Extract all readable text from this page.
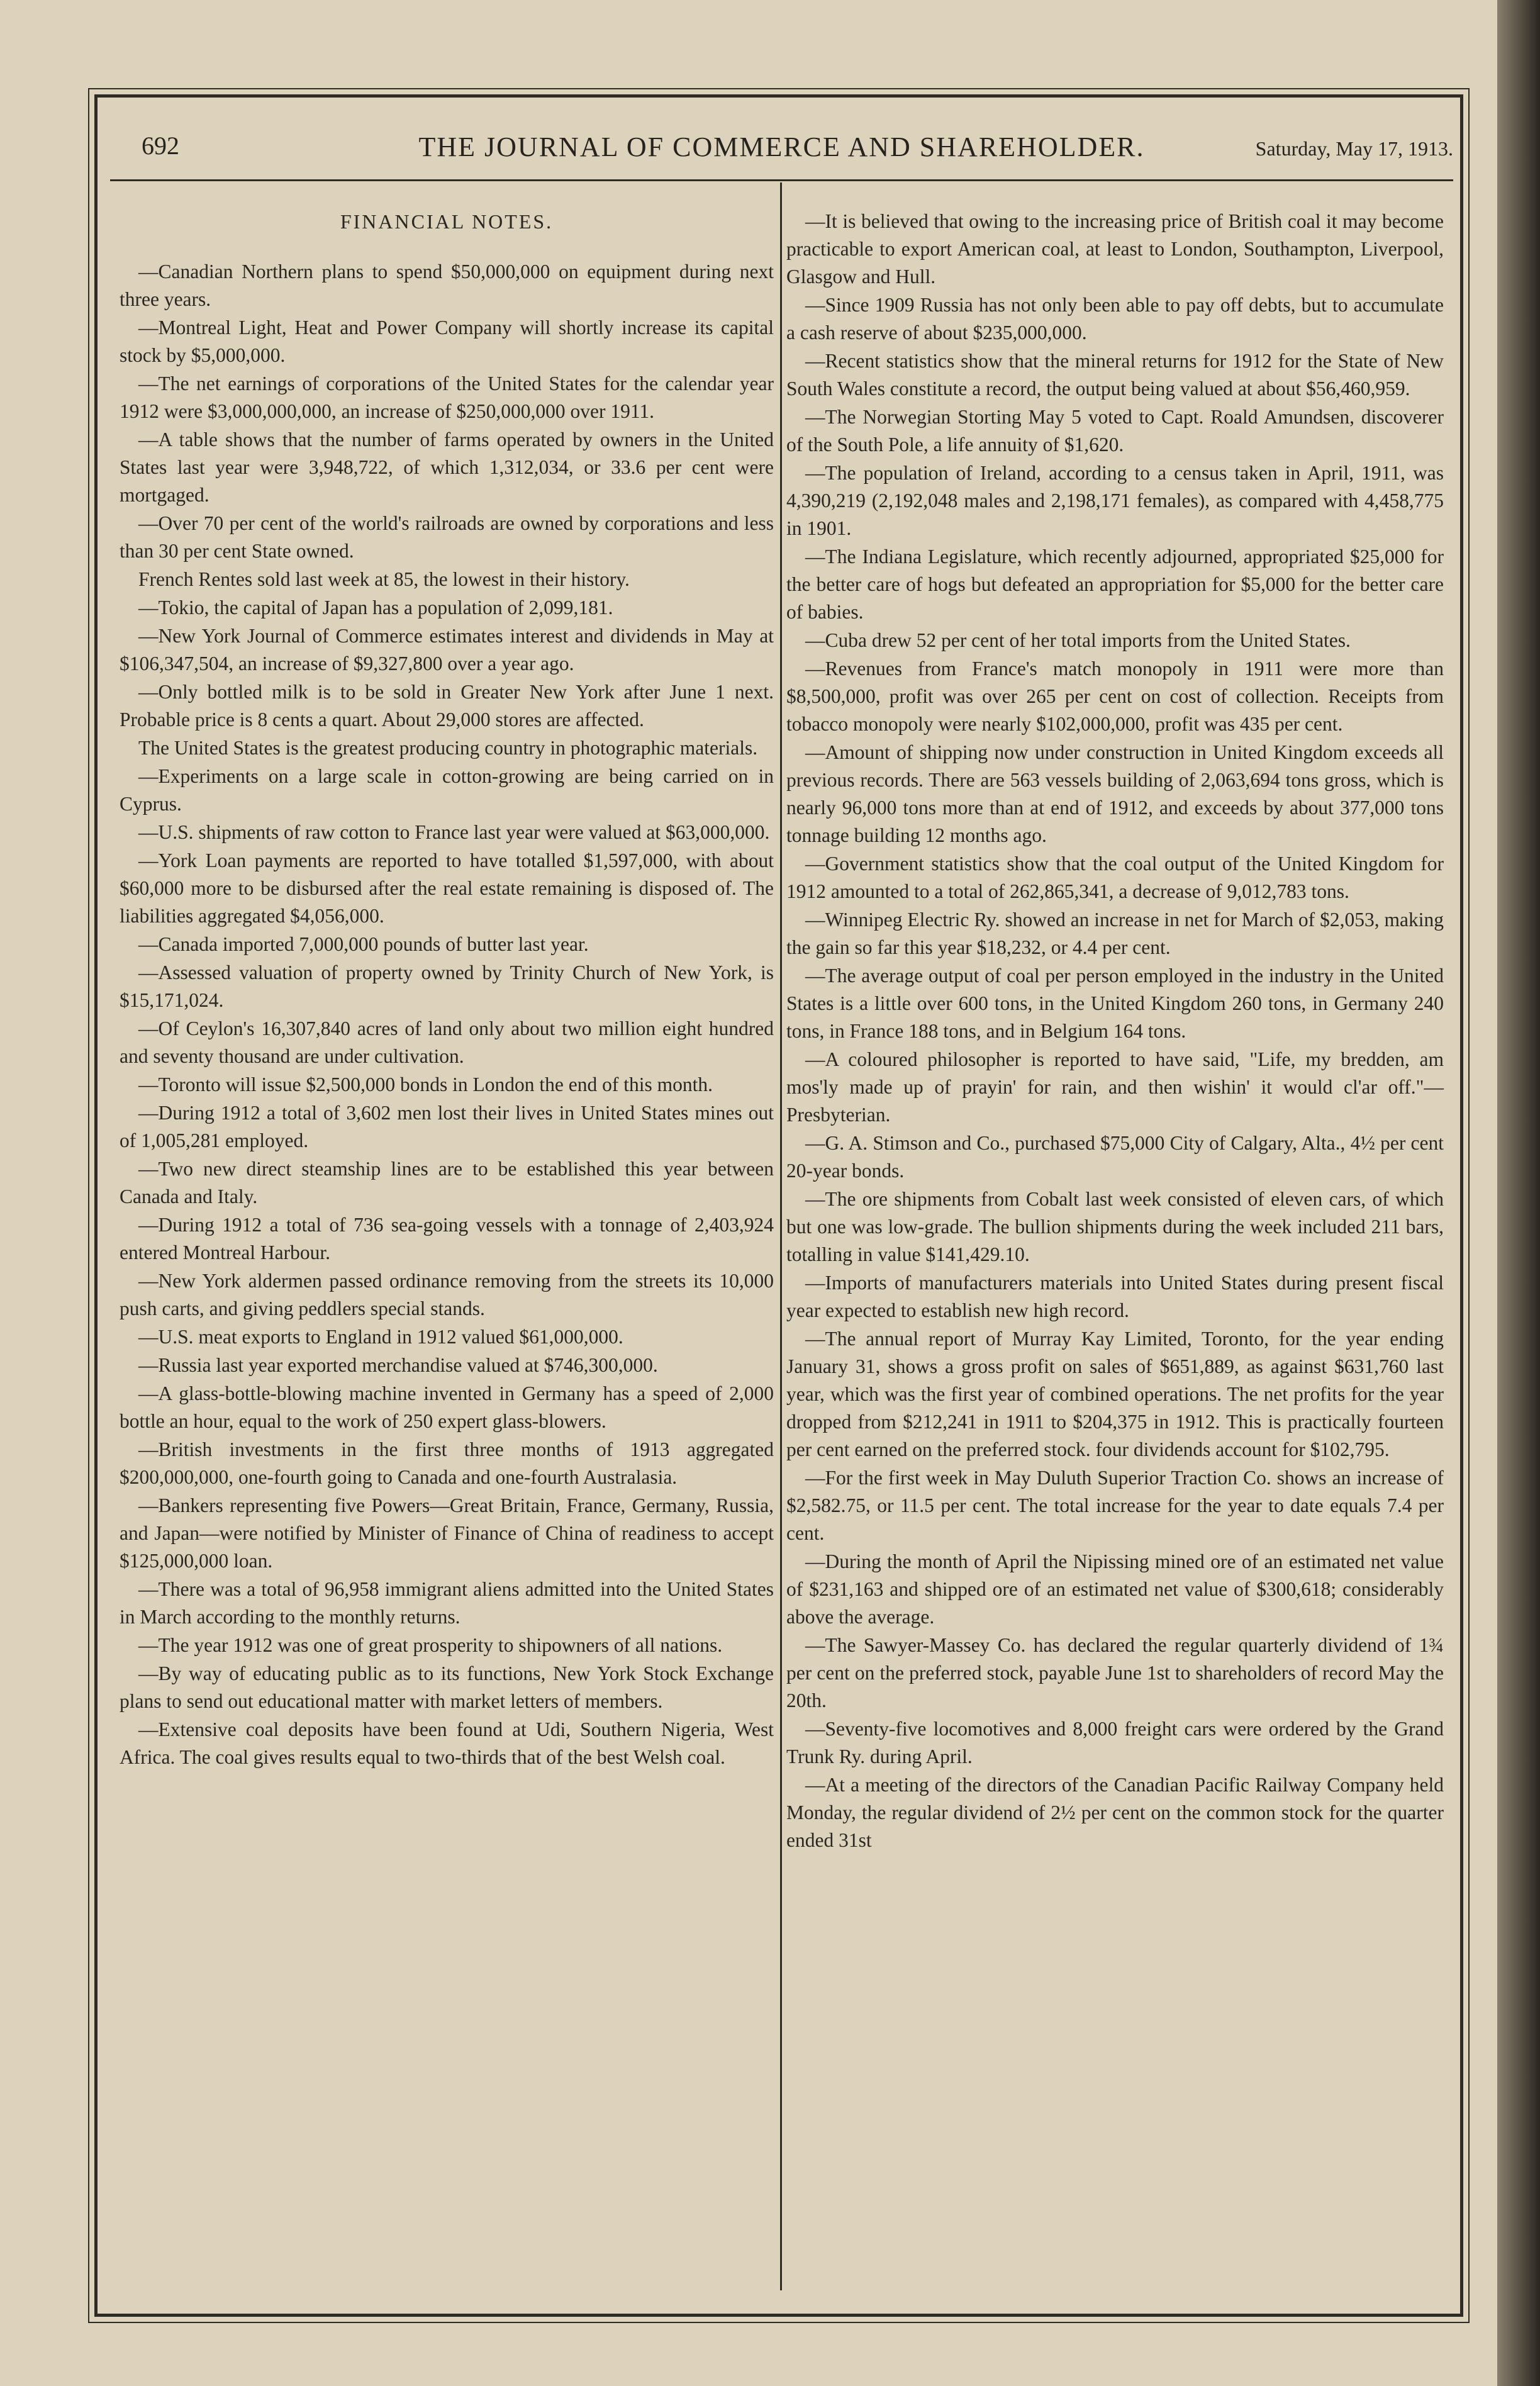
692	THE JOURNAL OF COMMERCE AND SHAREHOLDER.	Saturday, May 17, 1913.
FINANCIAL NOTES.

—Canadian Northern plans to spend $50,000,000 on equipment during next three years.

—Montreal Light, Heat and Power Company will shortly increase its capital stock by $5,000,000.

—The net earnings of corporations of the United States for the calendar year 1912 were $3,000,000,000, an increase of $250,000,000 over 1911.

—A table shows that the number of farms operated by owners in the United States last year were 3,948,722, of which 1,312,034, or 33.6 per cent were mortgaged.

—Over 70 per cent of the world's railroads are owned by corporations and less than 30 per cent State owned.

French Rentes sold last week at 85, the lowest in their history.

—Tokio, the capital of Japan has a population of 2,099,181.

—New York Journal of Commerce estimates interest and dividends in May at $106,347,504, an increase of $9,327,800 over a year ago.

—Only bottled milk is to be sold in Greater New York after June 1 next. Probable price is 8 cents a quart. About 29,000 stores are affected.

The United States is the greatest producing country in photographic materials.

—Experiments on a large scale in cotton-growing are being carried on in Cyprus.

—U.S. shipments of raw cotton to France last year were valued at $63,000,000.

—York Loan payments are reported to have totalled $1,597,000, with about $60,000 more to be disbursed after the real estate remaining is disposed of. The liabilities aggregated $4,056,000.

—Canada imported 7,000,000 pounds of butter last year.

—Assessed valuation of property owned by Trinity Church of New York, is $15,171,024.

—Of Ceylon's 16,307,840 acres of land only about two million eight hundred and seventy thousand are under cultivation.

—Toronto will issue $2,500,000 bonds in London the end of this month.

—During 1912 a total of 3,602 men lost their lives in United States mines out of 1,005,281 employed.

—Two new direct steamship lines are to be established this year between Canada and Italy.

—During 1912 a total of 736 sea-going vessels with a tonnage of 2,403,924 entered Montreal Harbour.

—New York aldermen passed ordinance removing from the streets its 10,000 push carts, and giving peddlers special stands.

—U.S. meat exports to England in 1912 valued $61,000,000.

—Russia last year exported merchandise valued at $746,300,000.

—A glass-bottle-blowing machine invented in Germany has a speed of 2,000 bottle an hour, equal to the work of 250 expert glass-blowers.

—British investments in the first three months of 1913 aggregated $200,000,000, one-fourth going to Canada and one-fourth Australasia.

—Bankers representing five Powers—Great Britain, France, Germany, Russia, and Japan—were notified by Minister of Finance of China of readiness to accept $125,000,000 loan.

—There was a total of 96,958 immigrant aliens admitted into the United States in March according to the monthly returns.

—The year 1912 was one of great prosperity to shipowners of all nations.

—By way of educating public as to its functions, New York Stock Exchange plans to send out educational matter with market letters of members.

—Extensive coal deposits have been found at Udi, Southern Nigeria, West Africa. The coal gives results equal to two-thirds that of the best Welsh coal.

—It is believed that owing to the increasing price of British coal it may become practicable to export American coal, at least to London, Southampton, Liverpool, Glasgow and Hull.

—Since 1909 Russia has not only been able to pay off debts, but to accumulate a cash reserve of about $235,000,000.

—Recent statistics show that the mineral returns for 1912 for the State of New South Wales constitute a record, the output being valued at about $56,460,959.

—The Norwegian Storting May 5 voted to Capt. Roald Amundsen, discoverer of the South Pole, a life annuity of $1,620.

—The population of Ireland, according to a census taken in April, 1911, was 4,390,219 (2,192,048 males and 2,198,171 females), as compared with 4,458,775 in 1901.

—The Indiana Legislature, which recently adjourned, appropriated $25,000 for the better care of hogs but defeated an appropriation for $5,000 for the better care of babies.

—Cuba drew 52 per cent of her total imports from the United States.

—Revenues from France's match monopoly in 1911 were more than $8,500,000, profit was over 265 per cent on cost of collection. Receipts from tobacco monopoly were nearly $102,000,000, profit was 435 per cent.

—Amount of shipping now under construction in United Kingdom exceeds all previous records. There are 563 vessels building of 2,063,694 tons gross, which is nearly 96,000 tons more than at end of 1912, and exceeds by about 377,000 tons tonnage building 12 months ago.

—Government statistics show that the coal output of the United Kingdom for 1912 amounted to a total of 262,865,341, a decrease of 9,012,783 tons.

—Winnipeg Electric Ry. showed an increase in net for March of $2,053, making the gain so far this year $18,232, or 4.4 per cent.

—The average output of coal per person employed in the industry in the United States is a little over 600 tons, in the United Kingdom 260 tons, in Germany 240 tons, in France 188 tons, and in Belgium 164 tons.

—A coloured philosopher is reported to have said, "Life, my bredden, am mos'ly made up of prayin' for rain, and then wishin' it would cl'ar off."—Presbyterian.

—G. A. Stimson and Co., purchased $75,000 City of Calgary, Alta., 4½ per cent 20-year bonds.

—The ore shipments from Cobalt last week consisted of eleven cars, of which but one was low-grade. The bullion shipments during the week included 211 bars, totalling in value $141,429.10.

—Imports of manufacturers materials into United States during present fiscal year expected to establish new high record.

—The annual report of Murray Kay Limited, Toronto, for the year ending January 31, shows a gross profit on sales of $651,889, as against $631,760 last year, which was the first year of combined operations. The net profits for the year dropped from $212,241 in 1911 to $204,375 in 1912. This is practically fourteen per cent earned on the preferred stock. four dividends account for $102,795.

—For the first week in May Duluth Superior Traction Co. shows an increase of $2,582.75, or 11.5 per cent. The total increase for the year to date equals 7.4 per cent.

—During the month of April the Nipissing mined ore of an estimated net value of $231,163 and shipped ore of an estimated net value of $300,618; considerably above the average.

—The Sawyer-Massey Co. has declared the regular quarterly dividend of 1¾ per cent on the preferred stock, payable June 1st to shareholders of record May the 20th.

—Seventy-five locomotives and 8,000 freight cars were ordered by the Grand Trunk Ry. during April.

—At a meeting of the directors of the Canadian Pacific Railway Company held Monday, the regular dividend of 2½ per cent on the common stock for the quarter ended 31st
